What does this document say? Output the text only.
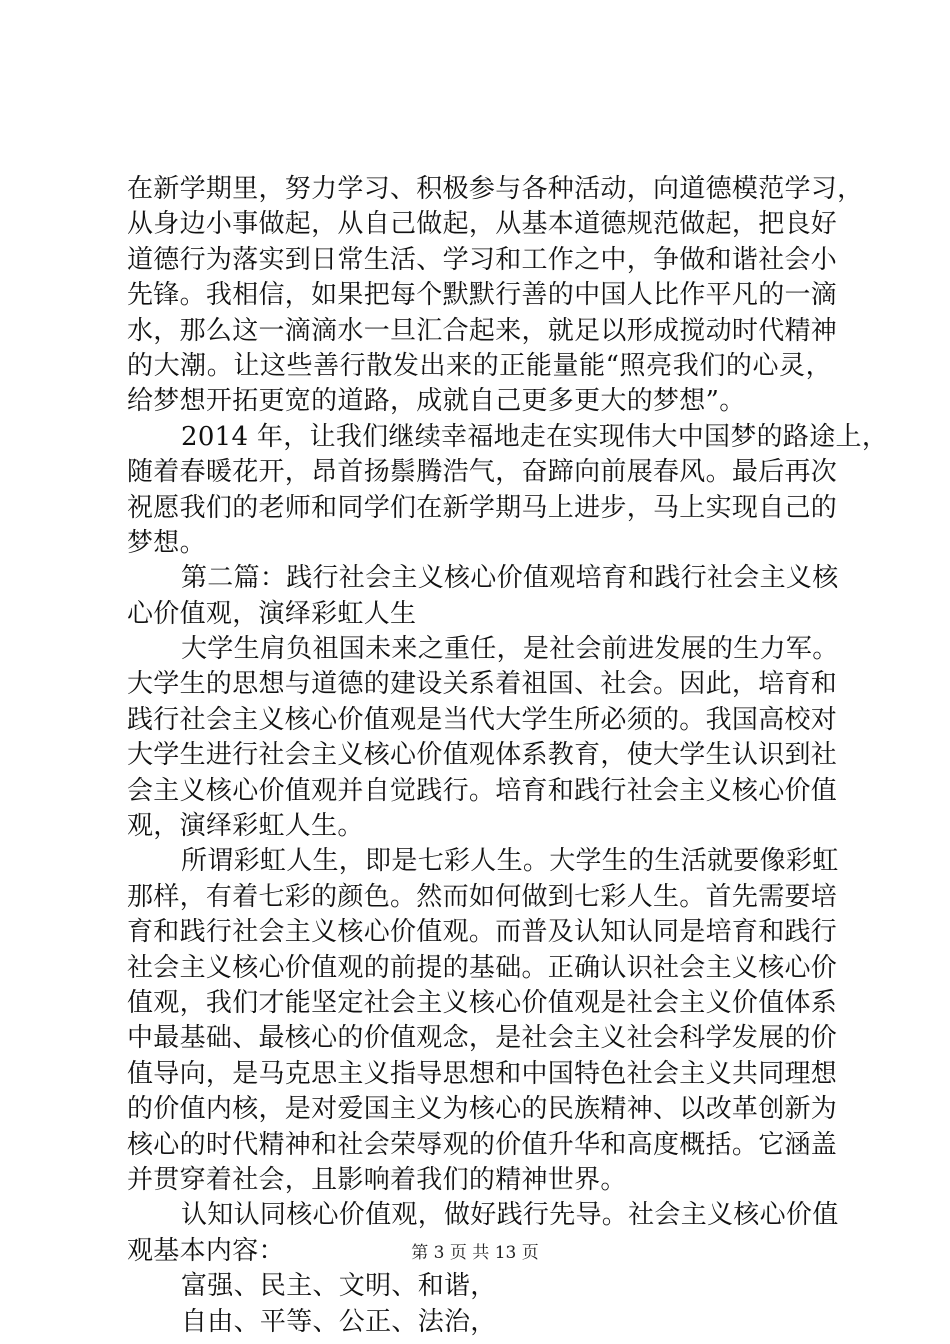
在新学期里，努力学习、积极参与各种活动，向道德模范学习，
从身边小事做起，从自己做起，从基本道德规范做起，把良好
道德行为落实到日常生活、学习和工作之中，争做和谐社会小
先锋。我相信，如果把每个默默行善的中国人比作平凡的一滴
水，那么这一滴滴水一旦汇合起来，就足以形成搅动时代精神
的大潮。让这些善行散发出来的正能量能“照亮我们的心灵，
给梦想开拓更宽的道路，成就自己更多更大的梦想”。
2014 年，让我们继续幸福地走在实现伟大中国梦的路途上，
随着春暖花开，昂首扬鬃腾浩气，奋蹄向前展春风。最后再次
祝愿我们的老师和同学们在新学期马上进步，马上实现自己的
梦想。
第二篇：践行社会主义核心价值观培育和践行社会主义核
心价值观，演绎彩虹人生
大学生肩负祖国未来之重任，是社会前进发展的生力军。
大学生的思想与道德的建设关系着祖国、社会。因此，培育和
践行社会主义核心价值观是当代大学生所必须的。我国高校对
大学生进行社会主义核心价值观体系教育，使大学生认识到社
会主义核心价值观并自觉践行。培育和践行社会主义核心价值
观，演绎彩虹人生。
所谓彩虹人生，即是七彩人生。大学生的生活就要像彩虹
那样，有着七彩的颜色。然而如何做到七彩人生。首先需要培
育和践行社会主义核心价值观。而普及认知认同是培育和践行
社会主义核心价值观的前提的基础。正确认识社会主义核心价
值观，我们才能坚定社会主义核心价值观是社会主义价值体系
中最基础、最核心的价值观念，是社会主义社会科学发展的价
值导向，是马克思主义指导思想和中国特色社会主义共同理想
的价值内核，是对爱国主义为核心的民族精神、以改革创新为
核心的时代精神和社会荣辱观的价值升华和高度概括。它涵盖
并贯穿着社会，且影响着我们的精神世界。
认知认同核心价值观，做好践行先导。社会主义核心价值
观基本内容：
富强、民主、文明、和谐，
自由、平等、公正、法治，
第 3 页 共 13 页
